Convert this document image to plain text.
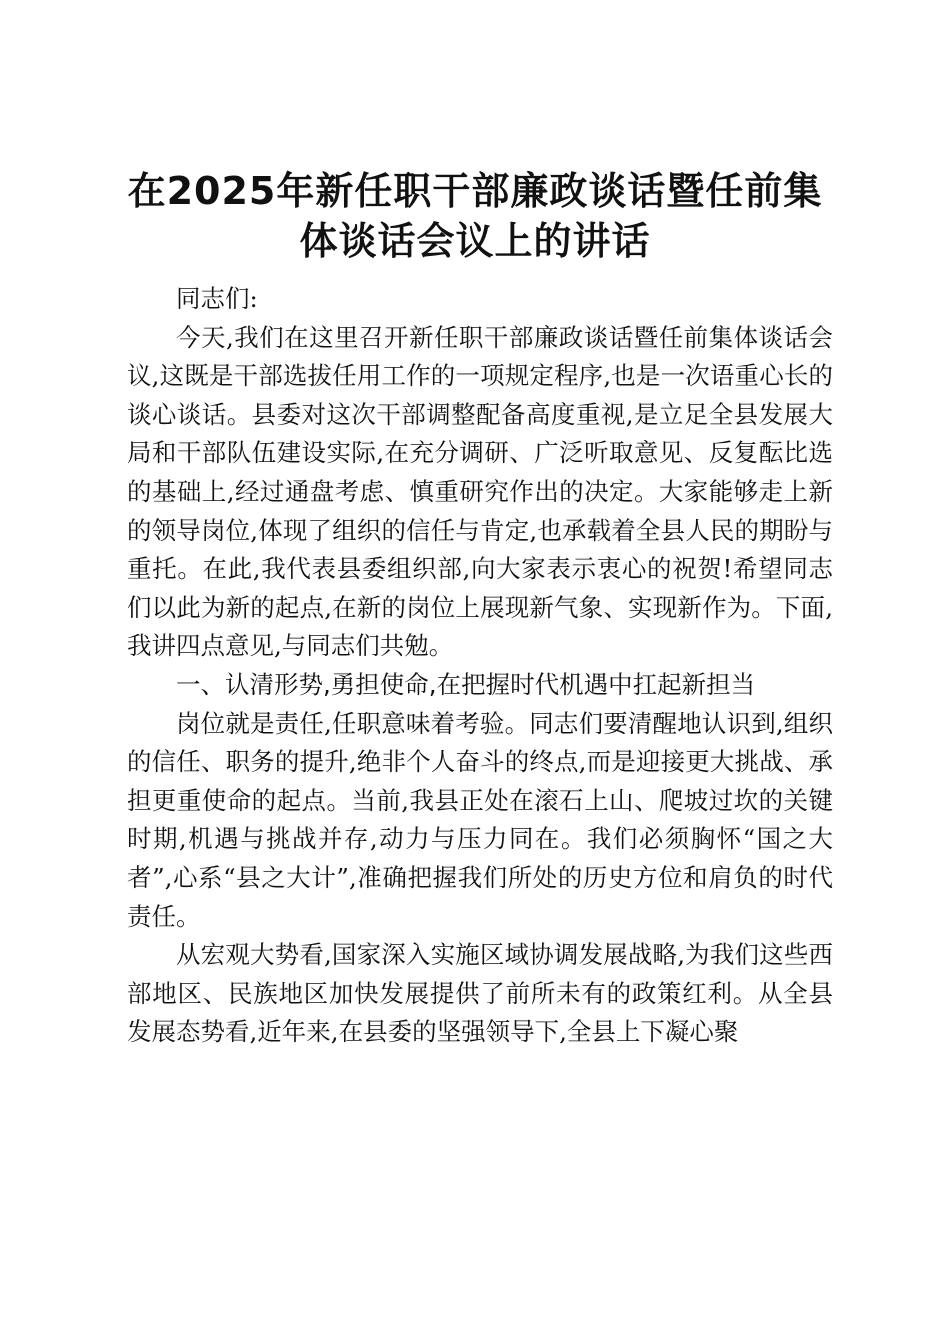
在2025年新任职干部廉政谈话暨任前集体谈话会议上的讲话

同志们:

今天,我们在这里召开新任职干部廉政谈话暨任前集体谈话会议,这既是干部选拔任用工作的一项规定程序,也是一次语重心长的谈心谈话。县委对这次干部调整配备高度重视,是立足全县发展大局和干部队伍建设实际,在充分调研、广泛听取意见、反复酝比选的基础上,经过通盘考虑、慎重研究作出的决定。大家能够走上新的领导岗位,体现了组织的信任与肯定,也承载着全县人民的期盼与重托。在此,我代表县委组织部,向大家表示衷心的祝贺!希望同志们以此为新的起点,在新的岗位上展现新气象、实现新作为。下面,我讲四点意见,与同志们共勉。

一、认清形势,勇担使命,在把握时代机遇中扛起新担当

岗位就是责任,任职意味着考验。同志们要清醒地认识到,组织的信任、职务的提升,绝非个人奋斗的终点,而是迎接更大挑战、承担更重使命的起点。当前,我县正处在滚石上山、爬坡过坎的关键时期,机遇与挑战并存,动力与压力同在。我们必须胸怀“国之大者”,心系“县之大计”,准确把握我们所处的历史方位和肩负的时代责任。

从宏观大势看,国家深入实施区域协调发展战略,为我们这些西部地区、民族地区加快发展提供了前所未有的政策红利。从全县发展态势看,近年来,在县委的坚强领导下,全县上下凝心聚
